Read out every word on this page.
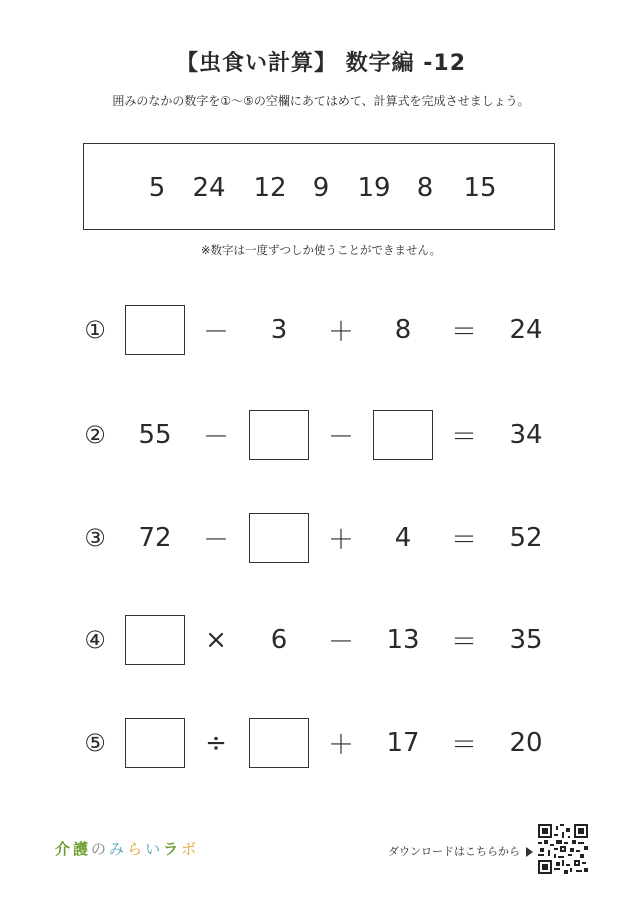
【虫食い計算】 数字編 -12
囲みのなかの数字を①〜⑤の空欄にあてはめて、計算式を完成させましょう。
5 24 12 9 19 8 15
※数字は一度ずつしか使うことができません。
①	－ 3 ＋ 8 ＝ 24
② 55 －	－	＝ 34
③ 72 －	＋ 4 ＝ 52
④	× 6 － 13 ＝ 35
⑤	÷	＋ 17 ＝ 20
介 護 の み ら い ラ ボ	ダウンロードはこちらから
